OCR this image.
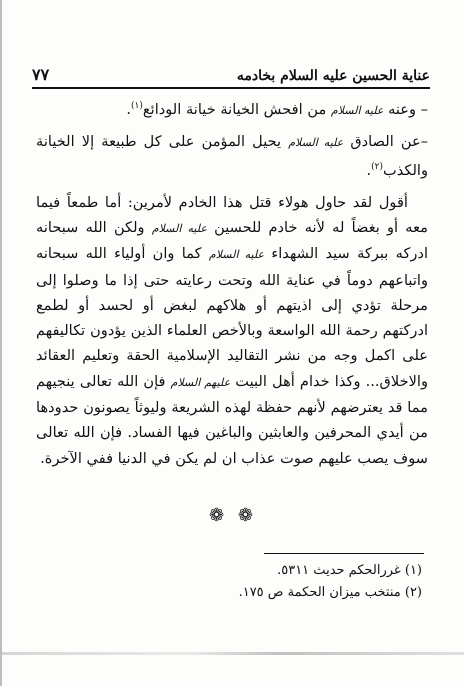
عناية الحسين عليه السلام بخادمه
٧٧

– وعنه عليه السلام من افحش الخيانة خيانة الودائع$^{(١)}$.

–عن الصادق عليه السلام يحيل المؤمن على كل طبيعة إلا الخيانة والكذب$^{(٢)}$.

أقول لقد حاول هولاء قتل هذا الخادم لأمرين: أما طمعاً فيما معه أو بغضاً له لأنه خادم للحسين عليه السلام ولكن الله سبحانه ادركه ببركة سيد الشهداء عليه السلام كما وان أولياء الله سبحانه واتباعهم دوماً في عناية الله وتحت رعايته حتى إذا ما وصلوا إلى مرحلة تؤدي إلى اذيتهم أو هلاكهم لبغض أو لحسد أو لطمع ادركتهم رحمة الله الواسعة وبالأخص العلماء الذين يؤدون تكاليفهم على اكمل وجه من نشر التقاليد الإسلامية الحقة وتعليم العقائد والاخلاق... وكذا خدام أهل البيت عليهم السلام فإن الله تعالى ينجيهم مما قد يعترضهم لأنهم حفظة لهذه الشريعة وليوثاً يصونون حدودها من أيدي المحرفين والعابثين والباغين فيها الفساد. فإن الله تعالى سوف يصب عليهم صوت عذاب ان لم يكن في الدنيا ففي الآخرة.

❁ ❁

(١) غررالحكم حديث ٥٣١١.

(٢) منتخب ميزان الحكمة ص ١٧٥.
